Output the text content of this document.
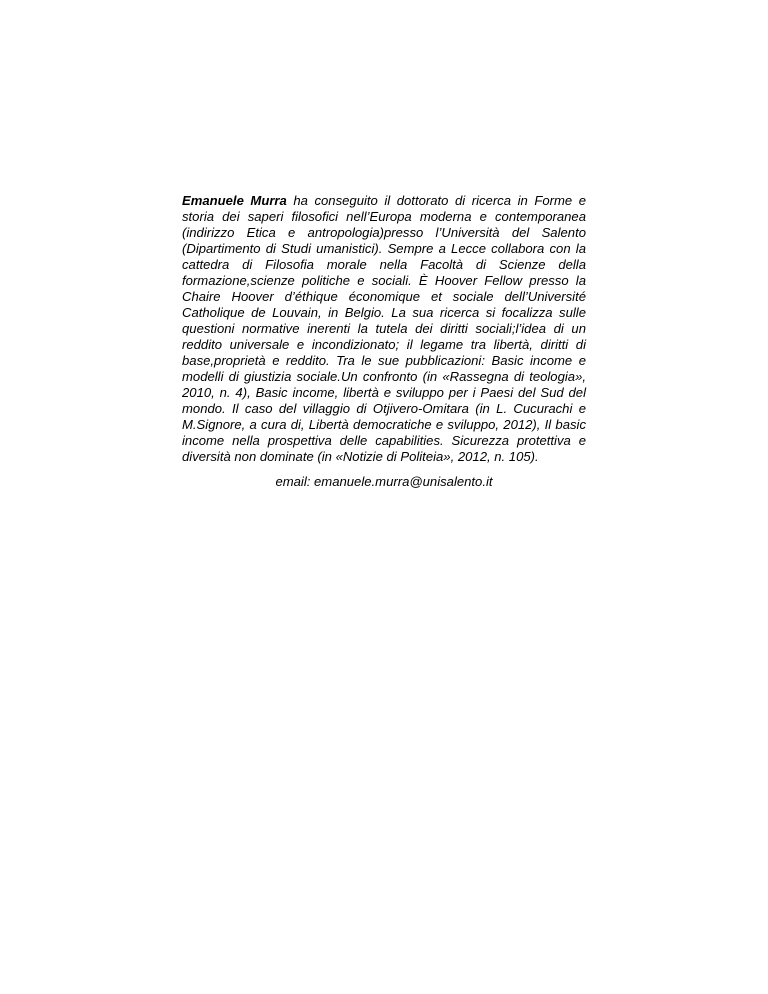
Emanuele Murra ha conseguito il dottorato di ricerca in Forme e storia dei saperi filosofici nell’Europa moderna e contemporanea (indirizzo Etica e antropologia)presso l’Università del Salento (Dipartimento di Studi umanistici). Sempre a Lecce collabora con la cattedra di Filosofia morale nella Facoltà di Scienze della formazione,scienze politiche e sociali. È Hoover Fellow presso la Chaire Hoover d’éthique économique et sociale dell’Université Catholique de Louvain, in Belgio. La sua ricerca si focalizza sulle questioni normative inerenti la tutela dei diritti sociali;l’idea di un reddito universale e incondizionato; il legame tra libertà, diritti di base,proprietà e reddito. Tra le sue pubblicazioni: Basic income e modelli di giustizia sociale.Un confronto (in «Rassegna di teologia», 2010, n. 4), Basic income, libertà e sviluppo per i Paesi del Sud del mondo. Il caso del villaggio di Otjivero-Omitara (in L. Cucurachi e M.Signore, a cura di, Libertà democratiche e sviluppo, 2012), Il basic income nella prospettiva delle capabilities. Sicurezza protettiva e diversità non dominate (in «Notizie di Politeia», 2012, n. 105).

email: emanuele.murra@unisalento.it
